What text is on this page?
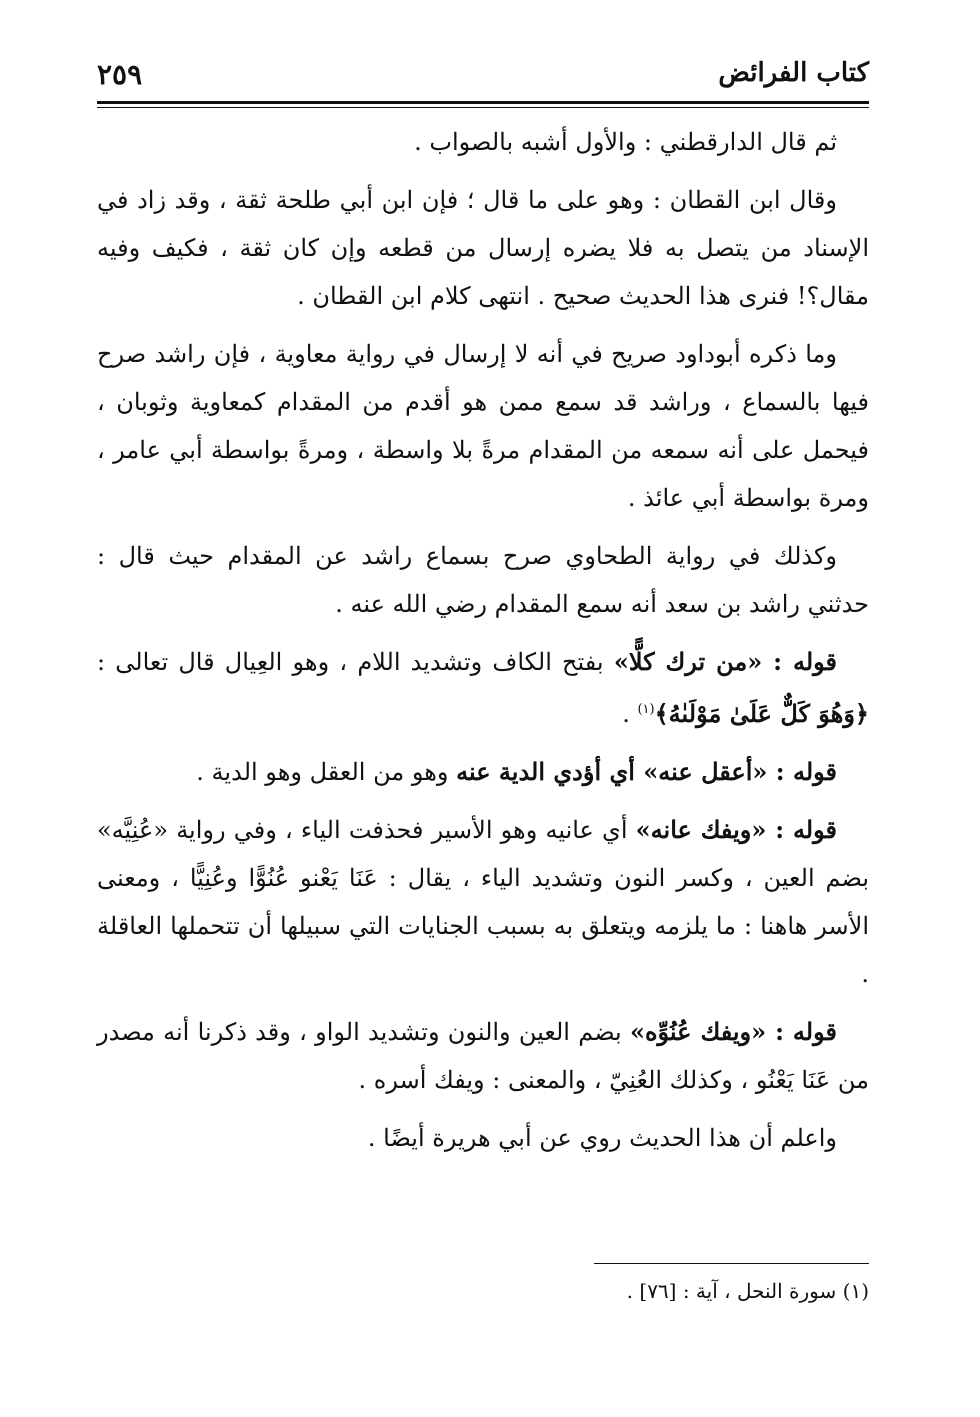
كتاب الفرائض
٢٥٩

ثم قال الدارقطني : والأول أشبه بالصواب .

وقال ابن القطان : وهو على ما قال ؛ فإن ابن أبي طلحة ثقة ، وقد زاد في الإسناد من يتصل به فلا يضره إرسال من قطعه وإن كان ثقة ، فكيف وفيه مقال؟! فنرى هذا الحديث صحيح . انتهى كلام ابن القطان .

وما ذكره أبوداود صريح في أنه لا إرسال في رواية معاوية ، فإن راشد صرح فيها بالسماع ، وراشد قد سمع ممن هو أقدم من المقدام كمعاوية وثوبان ، فيحمل على أنه سمعه من المقدام مرةً بلا واسطة ، ومرةً بواسطة أبي عامر ، ومرة بواسطة أبي عائذ .

وكذلك في رواية الطحاوي صرح بسماع راشد عن المقدام حيث قال : حدثني راشد بن سعد أنه سمع المقدام رضي الله عنه .

قوله : «من ترك كلًّا» بفتح الكاف وتشديد اللام ، وهو العِيال قال تعالى : ﴿وَهُوَ كَلٌّ عَلَىٰ مَوْلَىٰهُ﴾$^{(١)}$ .

قوله : «أعقل عنه» أي أؤدي الدية عنه وهو من العقل وهو الدية .

قوله : «ويفك عانه» أي عانيه وهو الأسير فحذفت الياء ، وفي رواية «عُنِيَّه» بضم العين ، وكسر النون وتشديد الياء ، يقال : عَنَا يَعْنو عُنُوًّا وعُنِيًّا ، ومعنى الأسر هاهنا : ما يلزمه ويتعلق به بسبب الجنايات التي سبيلها أن تتحملها العاقلة .

قوله : «ويفك عُنُوِّه» بضم العين والنون وتشديد الواو ، وقد ذكرنا أنه مصدر من عَنَا يَعْنُو ، وكذلك العُنِيّ ، والمعنى : ويفك أسره .

واعلم أن هذا الحديث روي عن أبي هريرة أيضًا .

(١) سورة النحل ، آية : [٧٦] .
